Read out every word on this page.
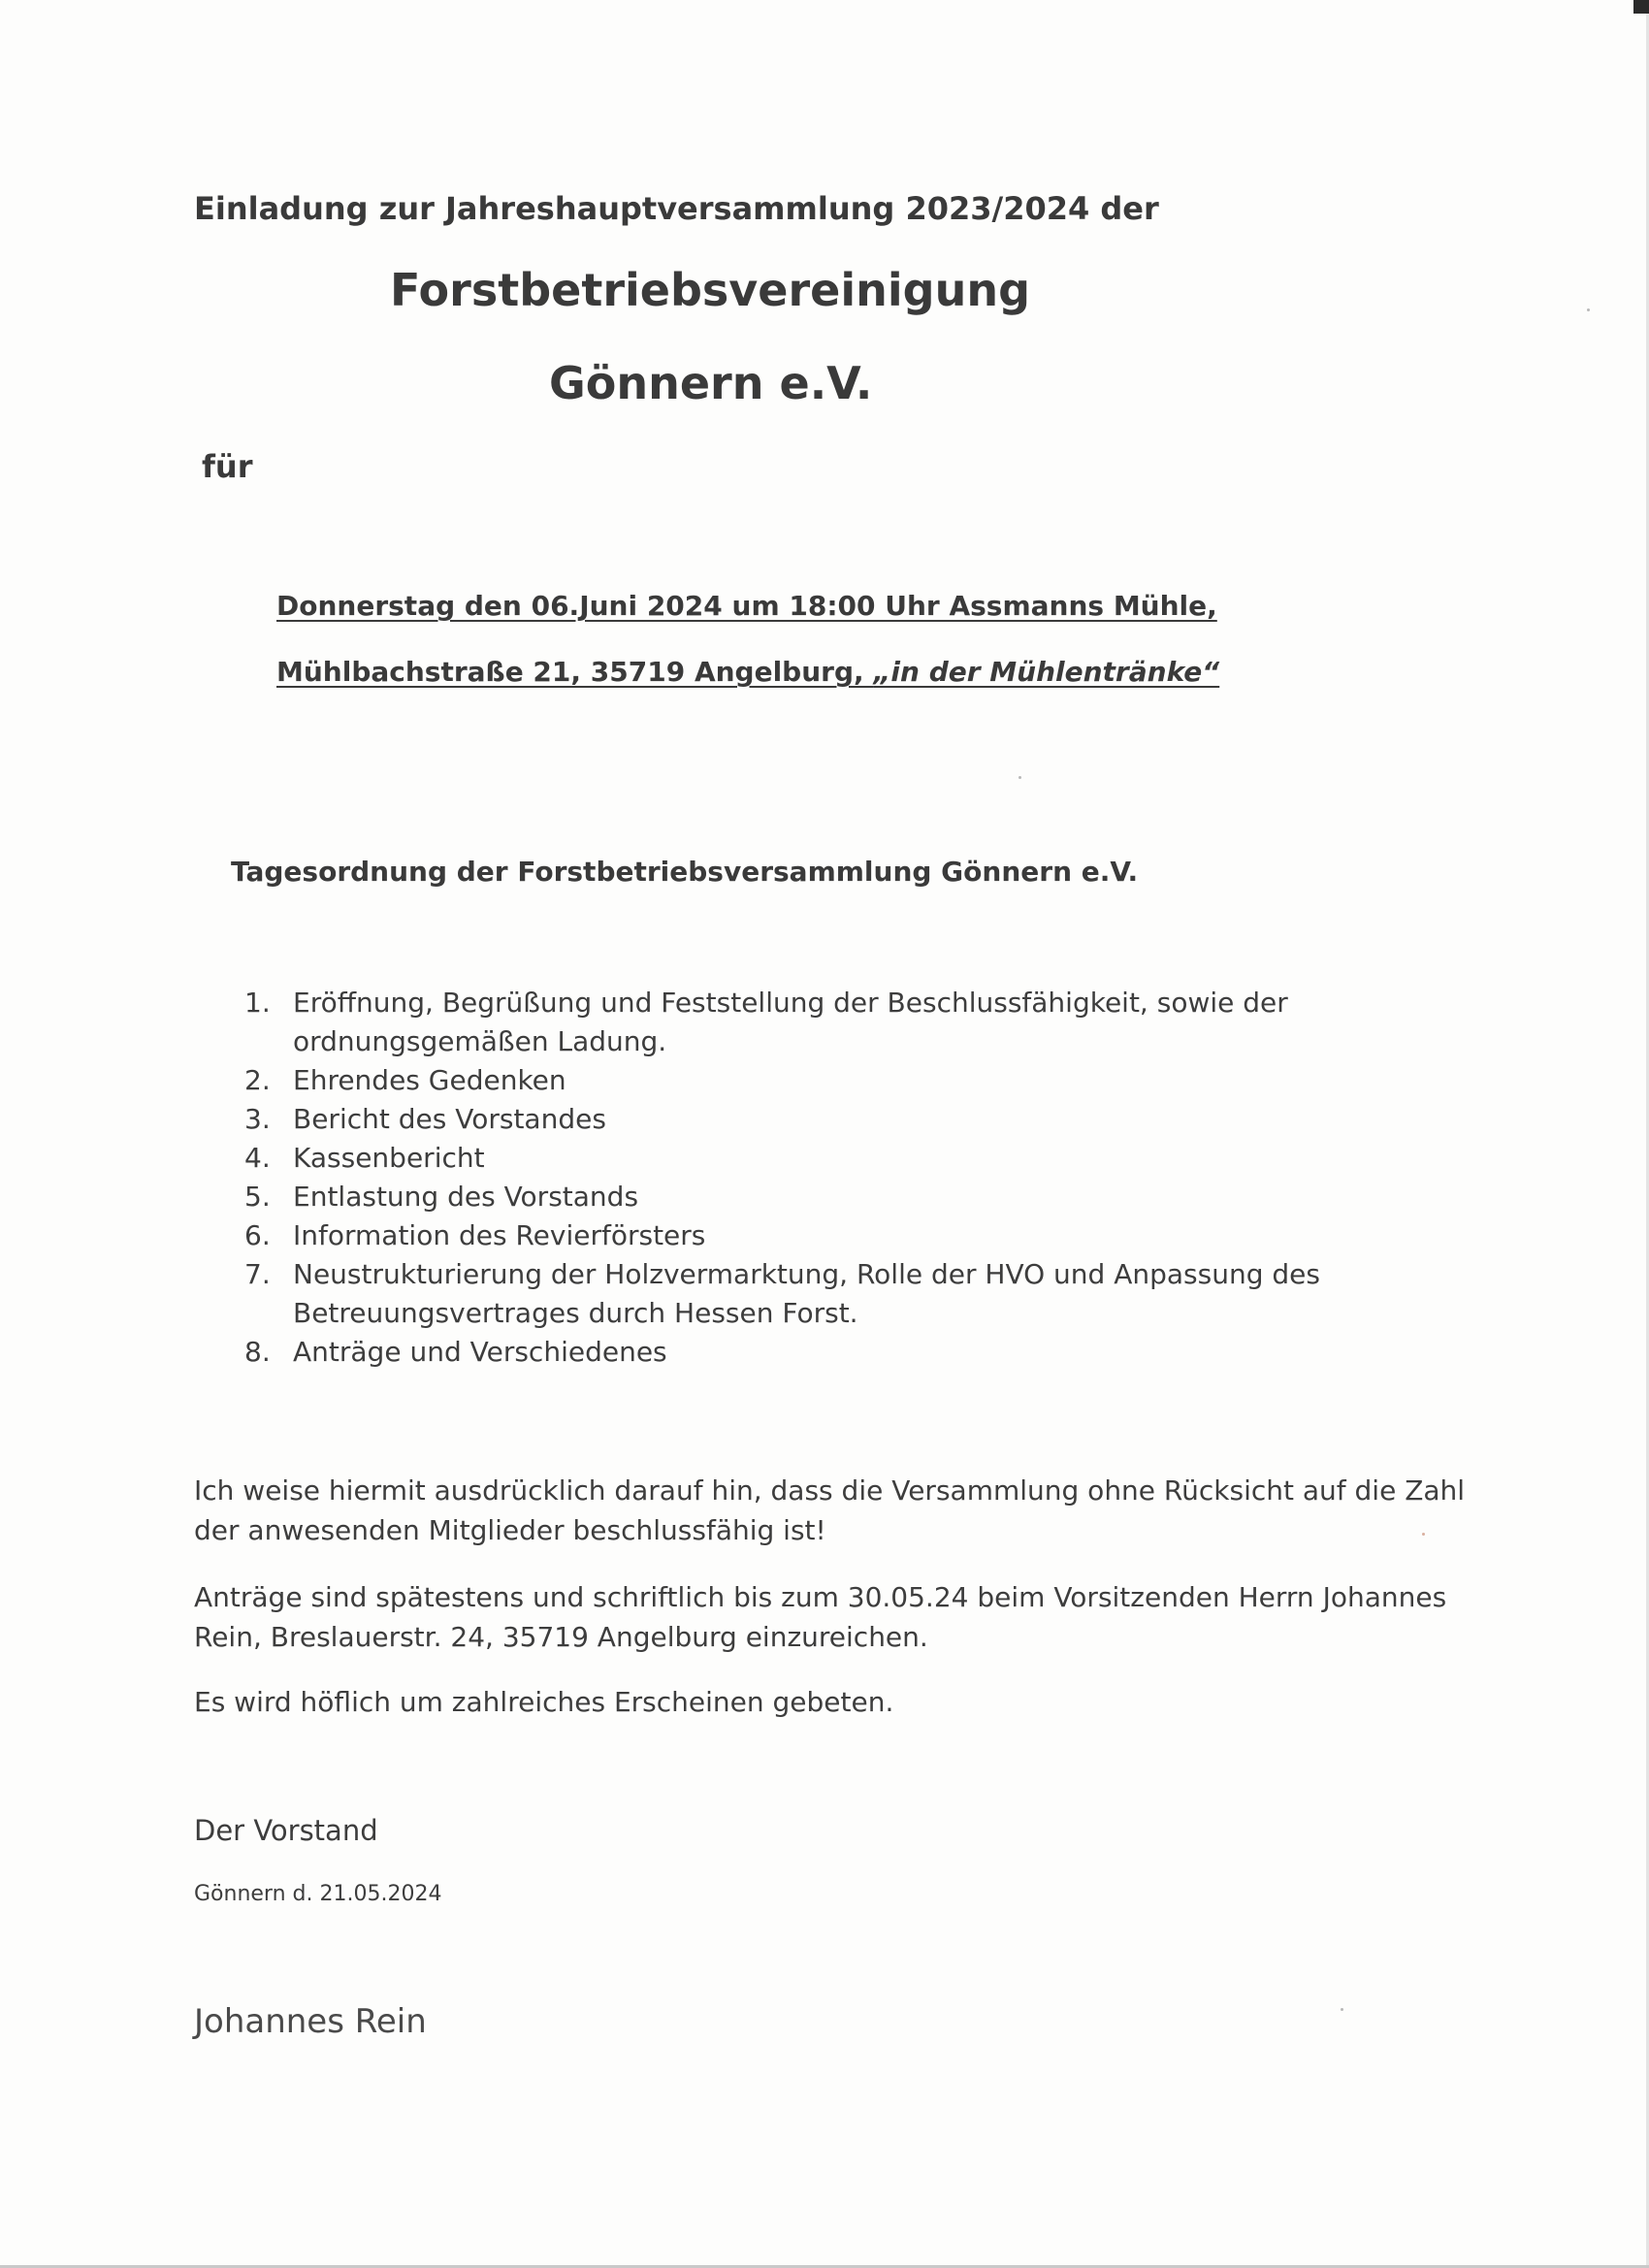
Einladung zur Jahreshauptversammlung 2023/2024 der
Forstbetriebsvereinigung
Gönnern e.V.
für
Donnerstag den 06.Juni 2024 um 18:00 Uhr Assmanns Mühle,
Mühlbachstraße 21, 35719 Angelburg, „in der Mühlentränke“
Tagesordnung der Forstbetriebsversammlung Gönnern e.V.
1. Eröffnung, Begrüßung und Feststellung der Beschlussfähigkeit, sowie der
ordnungsgemäßen Ladung.
2. Ehrendes Gedenken
3. Bericht des Vorstandes
4. Kassenbericht
5. Entlastung des Vorstands
6. Information des Revierförsters
7. Neustrukturierung der Holzvermarktung, Rolle der HVO und Anpassung des
Betreuungsvertrages durch Hessen Forst.
8. Anträge und Verschiedenes
Ich weise hiermit ausdrücklich darauf hin, dass die Versammlung ohne Rücksicht auf die Zahl
der anwesenden Mitglieder beschlussfähig ist!
Anträge sind spätestens und schriftlich bis zum 30.05.24 beim Vorsitzenden Herrn Johannes
Rein, Breslauerstr. 24, 35719 Angelburg einzureichen.
Es wird höflich um zahlreiches Erscheinen gebeten.
Der Vorstand
Gönnern d. 21.05.2024
Johannes Rein
